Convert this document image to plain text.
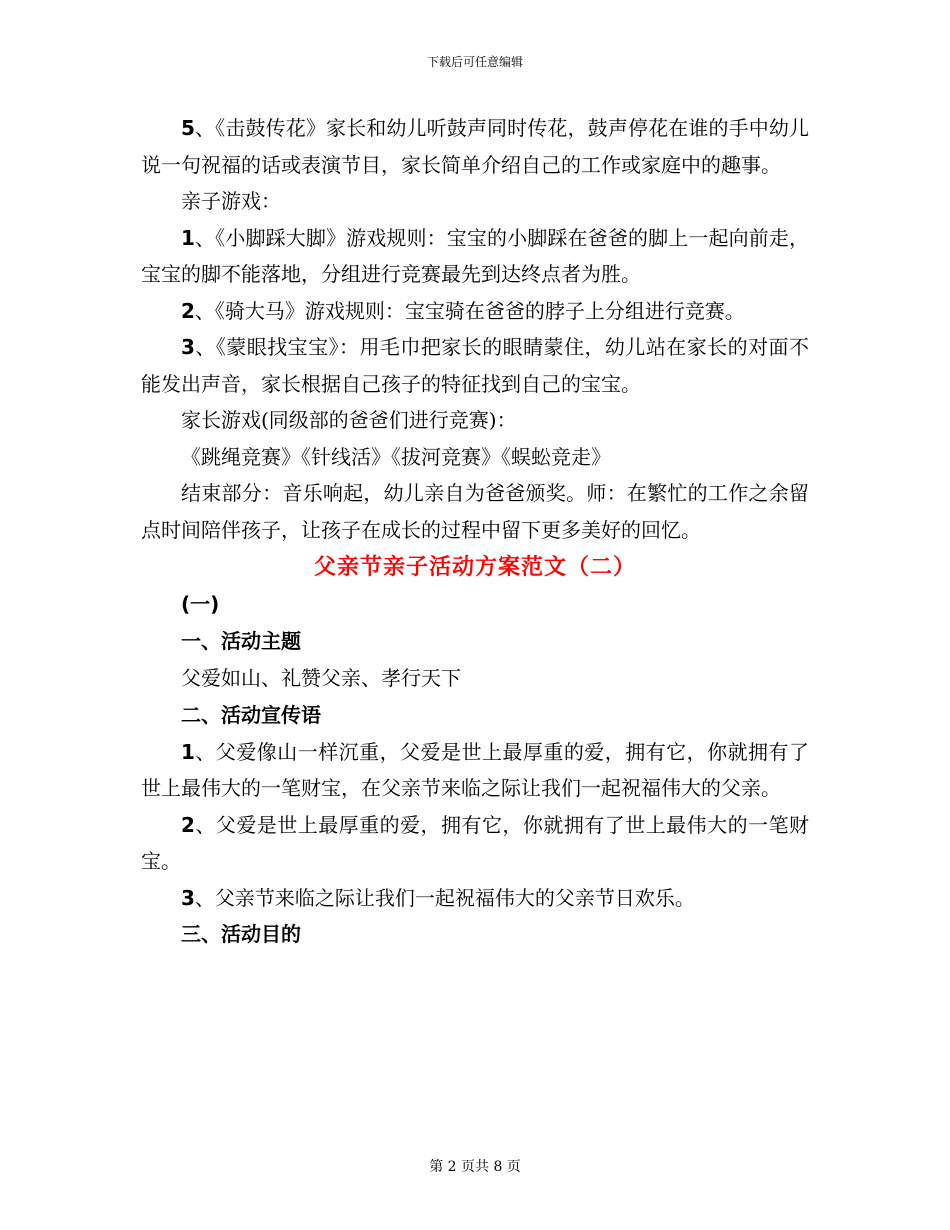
下载后可任意编辑

5、《击鼓传花》家长和幼儿听鼓声同时传花，鼓声停花在谁的手中幼儿说一句祝福的话或表演节目，家长简单介绍自己的工作或家庭中的趣事。

亲子游戏：

1、《小脚踩大脚》游戏规则：宝宝的小脚踩在爸爸的脚上一起向前走，宝宝的脚不能落地，分组进行竞赛最先到达终点者为胜。

2、《骑大马》游戏规则：宝宝骑在爸爸的脖子上分组进行竞赛。

3、《蒙眼找宝宝》：用毛巾把家长的眼睛蒙住，幼儿站在家长的对面不能发出声音，家长根据自己孩子的特征找到自己的宝宝。

家长游戏(同级部的爸爸们进行竞赛)：

《跳绳竞赛》《针线活》《拔河竞赛》《蜈蚣竞走》

结束部分：音乐响起，幼儿亲自为爸爸颁奖。师：在繁忙的工作之余留点时间陪伴孩子，让孩子在成长的过程中留下更多美好的回忆。

父亲节亲子活动方案范文（二）

(一)

一、活动主题

父爱如山、礼赞父亲、孝行天下

二、活动宣传语

1、父爱像山一样沉重，父爱是世上最厚重的爱，拥有它，你就拥有了世上最伟大的一笔财宝，在父亲节来临之际让我们一起祝福伟大的父亲。

2、父爱是世上最厚重的爱，拥有它，你就拥有了世上最伟大的一笔财宝。

3、父亲节来临之际让我们一起祝福伟大的父亲节日欢乐。

三、活动目的

第 2 页共 8 页
